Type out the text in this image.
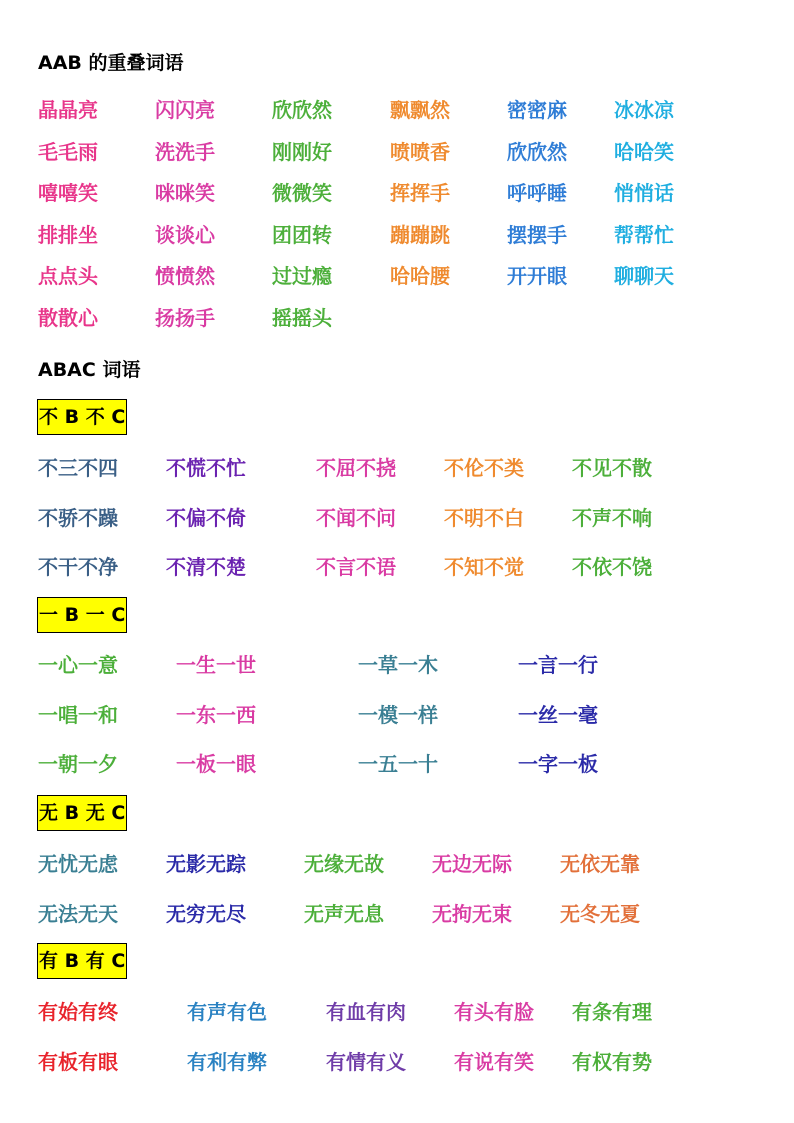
AAB 的重叠词语
晶晶亮
毛毛雨
嘻嘻笑
排排坐
点点头
散散心
闪闪亮
洗洗手
咪咪笑
谈谈心
愤愤然
扬扬手
欣欣然
刚刚好
微微笑
团团转
过过瘾
摇摇头
飘飘然
喷喷香
挥挥手
蹦蹦跳
哈哈腰
密密麻
欣欣然
呼呼睡
摆摆手
开开眼
冰冰凉
哈哈笑
悄悄话
帮帮忙
聊聊天
ABAC 词语
不 B 不 C
不三不四
不骄不躁
不干不净
不慌不忙
不偏不倚
不清不楚
不屈不挠
不闻不问
不言不语
不伦不类
不明不白
不知不觉
不见不散
不声不响
不依不饶
一 B 一 C
一心一意
一唱一和
一朝一夕
一生一世
一东一西
一板一眼
一草一木
一模一样
一五一十
一言一行
一丝一毫
一字一板
无 B 无 C
无忧无虑
无法无天
无影无踪
无穷无尽
无缘无故
无声无息
无边无际
无拘无束
无依无靠
无冬无夏
有 B 有 C
有始有终
有板有眼
有声有色
有利有弊
有血有肉
有情有义
有头有脸
有说有笑
有条有理
有权有势
